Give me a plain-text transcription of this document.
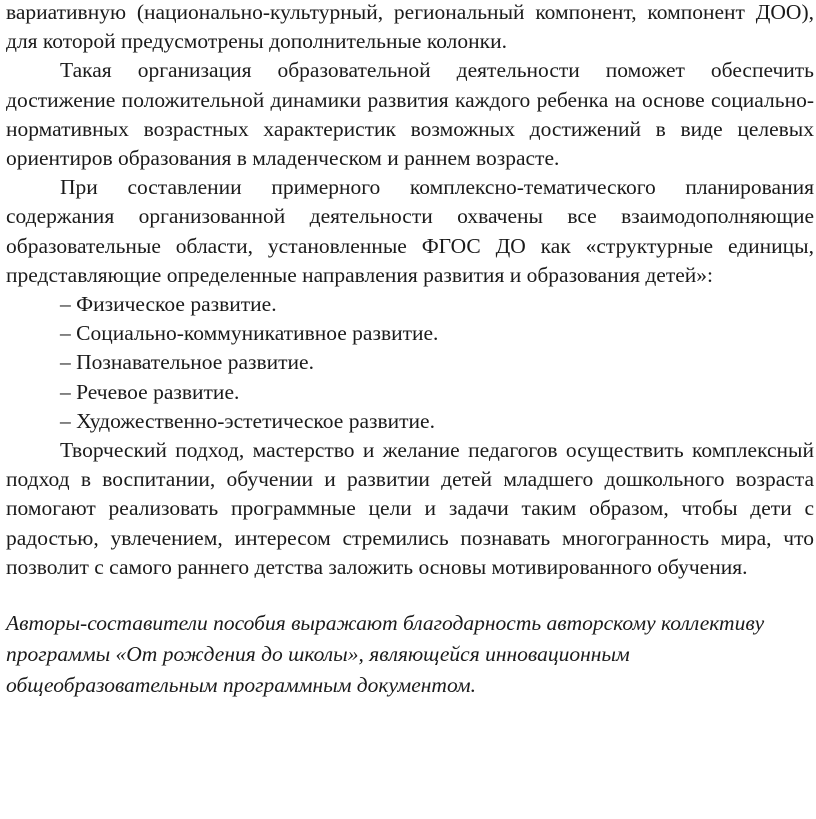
вариативную (национально-культурный, региональный компонент, компонент ДОО), для которой предусмотрены дополнительные колонки.

Такая организация образовательной деятельности поможет обеспечить достижение положительной динамики развития каждого ребенка на основе социально-нормативных возрастных характеристик возможных достижений в виде целевых ориентиров образования в младенческом и раннем возрасте.

При составлении примерного комплексно-тематического планирования содержания организованной деятельности охвачены все взаимодополняющие образовательные области, установленные ФГОС ДО как «структурные единицы, представляющие определенные направления развития и образования детей»:

– Физическое развитие.
– Социально-коммуникативное развитие.
– Познавательное развитие.
– Речевое развитие.
– Художественно-эстетическое развитие.

Творческий подход, мастерство и желание педагогов осуществить комплексный подход в воспитании, обучении и развитии детей младшего дошкольного возраста помогают реализовать программные цели и задачи таким образом, чтобы дети с радостью, увлечением, интересом стремились познавать многогранность мира, что позволит с самого раннего детства заложить основы мотивированного обучения.

Авторы-составители пособия выражают благодарность авторскому коллективу программы «От рождения до школы», являющейся инновационным общеобразовательным программным документом.
